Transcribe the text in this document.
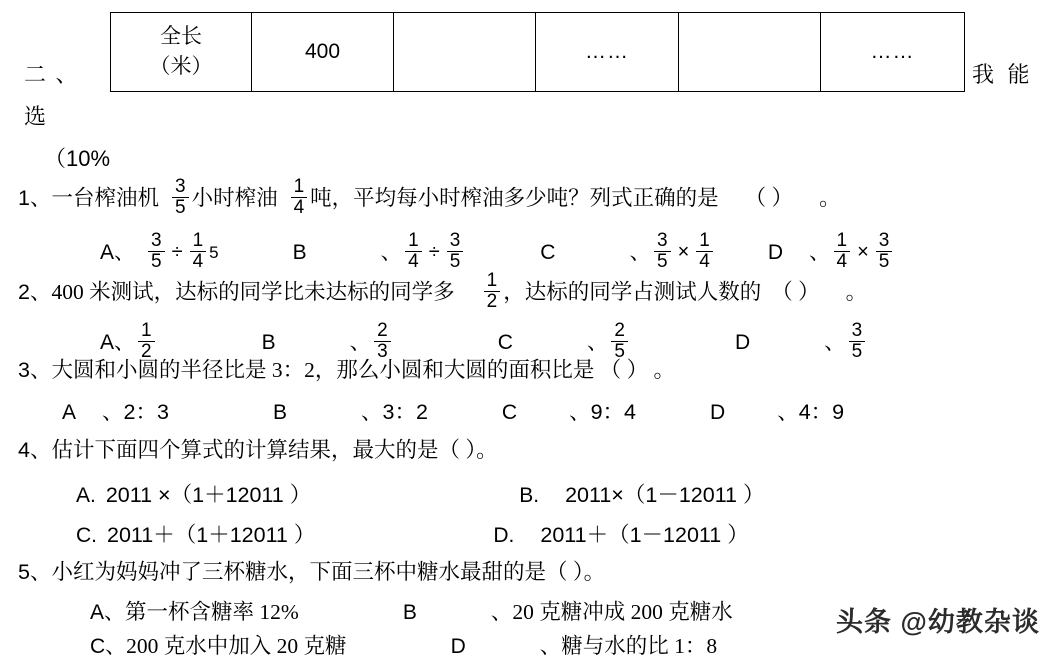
全长
（米）
	400		……		……
二 、
选
我 能
（10%
1、 一台榨油机 $\frac{3}{5}$ 小时榨油 $\frac{1}{4}$ 吨，平均每小时榨油多少吨？列式正确的是 （ ） 。
A、 $\frac{3}{5} \div \frac{1}{4} 5$	B	、 $\frac{1}{4} \div \frac{3}{5}$	C	、 $\frac{3}{5} \times \frac{1}{4}$	D 、 $\frac{1}{4} \times \frac{3}{5}$
2、 400 米测试，达标的同学比未达标的同学多 $\frac{1}{2}$ ，达标的同学占测试人数的 （ ） 。
A、 $\frac{1}{2}$	B	、 $\frac{2}{3}$	C	、 $\frac{2}{5}$	D	、 $\frac{3}{5}$
3、 大圆和小圆的半径比是 3：2，那么小圆和大圆的面积比是 （ ） 。
A 、 2：3	B	、 3：2	C 、 9：4	D 、 4：9
4、 估计下面四个算式的计算结果，最大的是（ ）。
A. 2011 ×（1＋12011 ）	B. 2011×（1－12011 ）
C. 2011＋（1＋12011 ）	D. 2011＋（1－12011 ）
5、 小红为妈妈冲了三杯糖水，下面三杯中糖水最甜的是（ ）。
A、 第一杯含糖率 12%	B	、 20 克糖冲成 200 克糖水
C、 200 克水中加入 20 克糖	D	、 糖与水的比 1：8
头条 @幼教杂谈
